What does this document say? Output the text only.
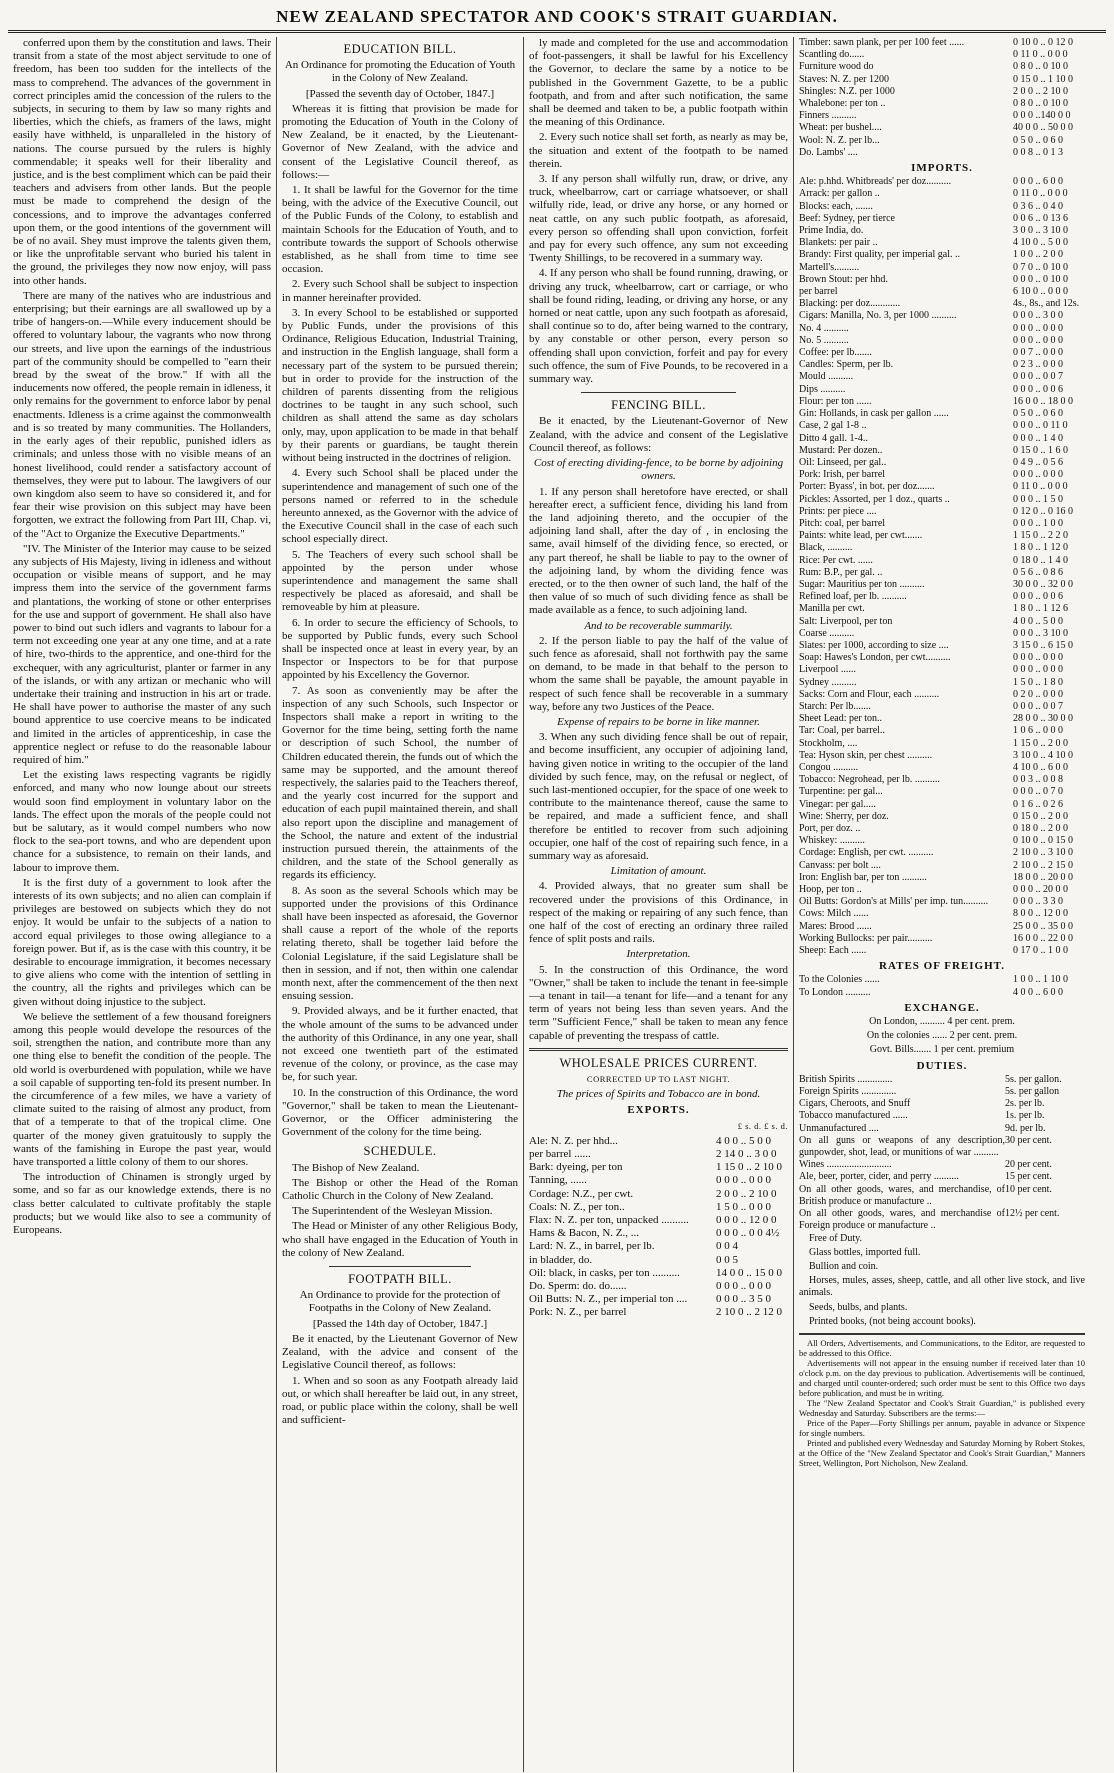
NEW ZEALAND SPECTATOR AND COOK'S STRAIT GUARDIAN.

conferred upon them by the constitution and laws. Their transit from a state of the most abject servitude to one of freedom, has been too sudden for the intellects of the mass to comprehend. The advances of the government in correct principles amid the concession of the rulers to the subjects, in securing to them by law so many rights and liberties, which the chiefs, as framers of the laws, might easily have withheld, is unparalleled in the history of nations. The course pursued by the rulers is highly commendable; it speaks well for their liberality and justice, and is the best compliment which can be paid their teachers and advisers from other lands. But the people must be made to comprehend the design of the concessions, and to improve the advantages conferred upon them, or the good intentions of the government will be of no avail. Shey must improve the talents given them, or like the unprofitable servant who buried his talent in the ground, the privileges they now now enjoy, will pass into other hands.

There are many of the natives who are industrious and enterprising; but their earnings are all swallowed up by a tribe of hangers-on.—While every inducement should be offered to voluntary labour, the vagrants who now throng our streets, and live upon the earnings of the industrious part of the community should be compelled to "earn their bread by the sweat of the brow." If with all the inducements now offered, the people remain in idleness, it only remains for the government to enforce labor by penal enactments. Idleness is a crime against the commonwealth and is so treated by many communities. The Hollanders, in the early ages of their republic, punished idlers as criminals; and unless those with no visible means of an honest livelihood, could render a satisfactory account of themselves, they were put to labour. The lawgivers of our own kingdom also seem to have so considered it, and for fear their wise provision on this subject may have been forgotten, we extract the following from Part III, Chap. vi, of the "Act to Organize the Executive Departments."

"IV. The Minister of the Interior may cause to be seized any subjects of His Majesty, living in idleness and without occupation or visible means of support, and he may impress them into the service of the government farms and plantations, the working of stone or other enterprises for the use and support of government. He shall also have power to bind out such idlers and vagrants to labour for a term not exceeding one year at any one time, and at a rate of hire, two-thirds to the apprentice, and one-third for the exchequer, with any agriculturist, planter or farmer in any of the islands, or with any artizan or mechanic who will undertake their training and instruction in his art or trade. He shall have power to authorise the master of any such bound apprentice to use coercive means to be indicated and limited in the articles of apprenticeship, in case the apprentice neglect or refuse to do the reasonable labour required of him."

Let the existing laws respecting vagrants be rigidly enforced, and many who now lounge about our streets would soon find employment in voluntary labor on the lands. The effect upon the morals of the people could not but be salutary, as it would compel numbers who now flock to the sea-port towns, and who are dependent upon chance for a subsistence, to remain on their lands, and labour to improve them.

It is the first duty of a government to look after the interests of its own subjects; and no alien can complain if privileges are bestowed on subjects which they do not enjoy. It would be unfair to the subjects of a nation to accord equal privileges to those owing allegiance to a foreign power. But if, as is the case with this country, it be desirable to encourage immigration, it becomes necessary to give aliens who come with the intention of settling in the country, all the rights and privileges which can be given without doing injustice to the subject.

We believe the settlement of a few thousand foreigners among this people would develope the resources of the soil, strengthen the nation, and contribute more than any one thing else to benefit the condition of the people. The old world is overburdened with population, while we have a soil capable of supporting ten-fold its present number. In the circumference of a few miles, we have a variety of climate suited to the raising of almost any product, from that of a temperate to that of the tropical clime. One quarter of the money given gratuitously to supply the wants of the famishing in Europe the past year, would have transported a little colony of them to our shores.

The introduction of Chinamen is strongly urged by some, and so far as our knowledge extends, there is no class better calculated to cultivate profitably the staple products; but we would like also to see a community of Europeans.

EDUCATION BILL.

An Ordinance for promoting the Education of Youth in the Colony of New Zealand.

[Passed the seventh day of October, 1847.]

Whereas it is fitting that provision be made for promoting the Education of Youth in the Colony of New Zealand, be it enacted, by the Lieutenant-Governor of New Zealand, with the advice and consent of the Legislative Council thereof, as follows:—

1. It shall be lawful for the Governor for the time being, with the advice of the Executive Council, out of the Public Funds of the Colony, to establish and maintain Schools for the Education of Youth, and to contribute towards the support of Schools otherwise established, as he shall from time to time see occasion.

2. Every such School shall be subject to inspection in manner hereinafter provided.

3. In every School to be established or supported by Public Funds, under the provisions of this Ordinance, Religious Education, Industrial Training, and instruction in the English language, shall form a necessary part of the system to be pursued therein; but in order to provide for the instruction of the children of parents dissenting from the religious doctrines to be taught in any such school, such children as shall attend the same as day scholars only, may, upon application to be made in that behalf by their parents or guardians, be taught therein without being instructed in the doctrines of religion.

4. Every such School shall be placed under the superintendence and management of such one of the persons named or referred to in the schedule hereunto annexed, as the Governor with the advice of the Executive Council shall in the case of each such school especially direct.

5. The Teachers of every such school shall be appointed by the person under whose superintendence and management the same shall respectively be placed as aforesaid, and shall be removeable by him at pleasure.

6. In order to secure the efficiency of Schools, to be supported by Public funds, every such School shall be inspected once at least in every year, by an Inspector or Inspectors to be for that purpose appointed by his Excellency the Governor.

7. As soon as conveniently may be after the inspection of any such Schools, such Inspector or Inspectors shall make a report in writing to the Governor for the time being, setting forth the name or description of such School, the number of Children educated therein, the funds out of which the same may be supported, and the amount thereof respectively, the salaries paid to the Teachers thereof, and the yearly cost incurred for the support and education of each pupil maintained therein, and shall also report upon the discipline and management of the School, the nature and extent of the industrial instruction pursued therein, the attainments of the children, and the state of the School generally as regards its efficiency.

8. As soon as the several Schools which may be supported under the provisions of this Ordinance shall have been inspected as aforesaid, the Governor shall cause a report of the whole of the reports relating thereto, shall be together laid before the Colonial Legislature, if the said Legislature shall be then in session, and if not, then within one calendar month next, after the commencement of the then next ensuing session.

9. Provided always, and be it further enacted, that the whole amount of the sums to be advanced under the authority of this Ordinance, in any one year, shall not exceed one twentieth part of the estimated revenue of the colony, or province, as the case may be, for such year.

10. In the construction of this Ordinance, the word "Governor," shall be taken to mean the Lieutenant-Governor, or the Officer administering the Government of the colony for the time being.

SCHEDULE.

The Bishop of New Zealand.

The Bishop or other the Head of the Roman Catholic Church in the Colony of New Zealand.

The Superintendent of the Wesleyan Mission.

The Head or Minister of any other Religious Body, who shall have engaged in the Education of Youth in the colony of New Zealand.

FOOTPATH BILL.

An Ordinance to provide for the protection of Footpaths in the Colony of New Zealand.

[Passed the 14th day of October, 1847.]

Be it enacted, by the Lieutenant Governor of New Zealand, with the advice and consent of the Legislative Council thereof, as follows:

1. When and so soon as any Footpath already laid out, or which shall hereafter be laid out, in any street, road, or public place within the colony, shall be well and sufficient-

ly made and completed for the use and accommodation of foot-passengers, it shall be lawful for his Excellency the Governor, to declare the same by a notice to be published in the Government Gazette, to be a public footpath, and from and after such notification, the same shall be deemed and taken to be, a public footpath within the meaning of this Ordinance.

2. Every such notice shall set forth, as nearly as may be, the situation and extent of the footpath to be named therein.

3. If any person shall wilfully run, draw, or drive, any truck, wheelbarrow, cart or carriage whatsoever, or shall wilfully ride, lead, or drive any horse, or any horned or neat cattle, on any such public footpath, as aforesaid, every person so offending shall upon conviction, forfeit and pay for every such offence, any sum not exceeding Twenty Shillings, to be recovered in a summary way.

4. If any person who shall be found running, drawing, or driving any truck, wheelbarrow, cart or carriage, or who shall be found riding, leading, or driving any horse, or any horned or neat cattle, upon any such footpath as aforesaid, shall continue so to do, after being warned to the contrary, by any constable or other person, every person so offending shall upon conviction, forfeit and pay for every such offence, the sum of Five Pounds, to be recovered in a summary way.

FENCING BILL.

Be it enacted, by the Lieutenant-Governor of New Zealand, with the advice and consent of the Legislative Council thereof, as follows:

Cost of erecting dividing-fence, to be borne by adjoining owners.

1. If any person shall heretofore have erected, or shall hereafter erect, a sufficient fence, dividing his land from the land adjoining thereto, and the occupier of the adjoining land shall, after the day of , in enclosing the same, avail himself of the dividing fence, so erected, or any part thereof, he shall be liable to pay to the owner of the adjoining land, by whom the dividing fence was erected, or to the then owner of such land, the half of the then value of so much of such dividing fence as shall be made available as a fence, to such adjoining land.

And to be recoverable summarily.

2. If the person liable to pay the half of the value of such fence as aforesaid, shall not forthwith pay the same on demand, to be made in that behalf to the person to whom the same shall be payable, the amount payable in respect of such fence shall be recoverable in a summary way, before any two Justices of the Peace.

Expense of repairs to be borne in like manner.

3. When any such dividing fence shall be out of repair, and become insufficient, any occupier of adjoining land, having given notice in writing to the occupier of the land divided by such fence, may, on the refusal or neglect, of such last-mentioned occupier, for the space of one week to contribute to the maintenance thereof, cause the same to be repaired, and made a sufficient fence, and shall therefore be entitled to recover from such adjoining occupier, one half of the cost of repairing such fence, in a summary way as aforesaid.

Limitation of amount.

4. Provided always, that no greater sum shall be recovered under the provisions of this Ordinance, in respect of the making or repairing of any such fence, than one half of the cost of erecting an ordinary three railed fence of split posts and rails.

Interpretation.

5. In the construction of this Ordinance, the word "Owner," shall be taken to include the tenant in fee-simple—a tenant in tail—a tenant for life—and a tenant for any term of years not being less than seven years. And the term "Sufficient Fence," shall be taken to mean any fence capable of preventing the trespass of cattle.

WHOLESALE PRICES CURRENT.

CORRECTED UP TO LAST NIGHT.

The prices of Spirits and Tobacco are in bond.

EXPORTS.

£ s. d. £ s. d.

Ale: N. Z. per hhd...	4 0 0 .. 5 0 0
per barrel ......	2 14 0 .. 3 0 0
Bark: dyeing, per ton	1 15 0 .. 2 10 0
Tanning, ......	0 0 0 .. 0 0 0
Cordage: N.Z., per cwt.	2 0 0 .. 2 10 0
Coals: N. Z., per ton..	1 5 0 .. 0 0 0
Flax: N. Z. per ton, unpacked ..........	0 0 0 .. 12 0 0
Hams & Bacon, N. Z., ...	0 0 0 .. 0 0 4½
Lard: N. Z., in barrel, per lb.	0 0 4
in bladder, do.	0 0 5
Oil: black, in casks, per ton ..........	14 0 0 .. 15 0 0
Do. Sperm: do. do......	0 0 0 .. 0 0 0
Oil Butts: N. Z., per imperial ton ....	0 0 0 .. 3 5 0
Pork: N. Z., per barrel	2 10 0 .. 2 12 0
Timber: sawn plank, per per 100 feet ......	0 10 0 .. 0 12 0
Scantling do......	0 11 0 .. 0 0 0
Furniture wood do	0 8 0 .. 0 10 0
Staves: N. Z. per 1200	0 15 0 .. 1 10 0
Shingles: N.Z. per 1000	2 0 0 .. 2 10 0
Whalebone: per ton ..	0 8 0 .. 0 10 0
Finners ..........	0 0 0 ..140 0 0
Wheat: per bushel....	40 0 0 .. 50 0 0
Wool: N. Z. per lb...	0 5 0 .. 0 6 0
Do. Lambs' ....	0 0 8 .. 0 1 3
IMPORTS.
Ale: p.hhd. Whitbreads' per doz..........	0 0 0 .. 6 0 0
Arrack: per gallon ..	0 11 0 .. 0 0 0
Blocks: each, .......	0 3 6 .. 0 4 0
Beef: Sydney, per tierce	0 0 6 .. 0 13 6
Prime India, do.	3 0 0 .. 3 10 0
Blankets: per pair ..	4 10 0 .. 5 0 0
Brandy: First quality, per imperial gal. ..	1 0 0 .. 2 0 0
Martell's..........	0 7 0 .. 0 10 0
Brown Stout: per hhd.	0 0 0 .. 0 10 0
per barrel	6 10 0 .. 0 0 0
Blacking: per doz............	4s., 8s., and 12s.
Cigars: Manilla, No. 3, per 1000 ..........	0 0 0 .. 3 0 0
No. 4 ..........	0 0 0 .. 0 0 0
No. 5 ..........	0 0 0 .. 0 0 0
Coffee: per lb.......	0 0 7 .. 0 0 0
Candles: Sperm, per lb.	0 2 3 .. 0 0 0
Mould ..........	0 0 0 .. 0 0 7
Dips ..........	0 0 0 .. 0 0 6
Flour: per ton ......	16 0 0 .. 18 0 0
Gin: Hollands, in cask per gallon ......	0 5 0 .. 0 6 0
Case, 2 gal 1-8 ..	0 0 0 .. 0 11 0
Ditto 4 gall. 1-4..	0 0 0 .. 1 4 0
Mustard: Per dozen..	0 15 0 .. 1 6 0
Oil: Linseed, per gal..	0 4 9 .. 0 5 6
Pork: Irish, per barrel	0 0 0 .. 0 0 0
Porter: Byass', in bot. per doz.......	0 11 0 .. 0 0 0
Pickles: Assorted, per 1 doz., quarts ..	0 0 0 .. 1 5 0
Prints: per piece ....	0 12 0 .. 0 16 0
Pitch: coal, per barrel	0 0 0 .. 1 0 0
Paints: white lead, per cwt.......	1 15 0 .. 2 2 0
Black, ..........	1 8 0 .. 1 12 0
Rice: Per cwt. ......	0 18 0 .. 1 4 0
Rum: B.P., per gal. ..	0 5 6 .. 0 8 6
Sugar: Mauritius per ton ..........	30 0 0 .. 32 0 0
Refined loaf, per lb. ..........	0 0 0 .. 0 0 6
Manilla per cwt.	1 8 0 .. 1 12 6
Salt: Liverpool, per ton	4 0 0 .. 5 0 0
Coarse ..........	0 0 0 .. 3 10 0
Slates: per 1000, according to size ....	3 15 0 .. 6 15 0
Soap: Hawes's London, per cwt..........	0 0 0 .. 0 0 0
Liverpool ......	0 0 0 .. 0 0 0
Sydney ..........	1 5 0 .. 1 8 0
Sacks: Corn and Flour, each ..........	0 2 0 .. 0 0 0
Starch: Per lb.......	0 0 0 .. 0 0 7
Sheet Lead: per ton..	28 0 0 .. 30 0 0
Tar: Coal, per barrel..	1 0 6 .. 0 0 0
Stockholm, ....	1 15 0 .. 2 0 0
Tea: Hyson skin, per chest ..........	3 10 0 .. 4 10 0
Congou ..........	4 10 0 .. 6 0 0
Tobacco: Negrohead, per lb. ..........	0 0 3 .. 0 0 8
Turpentine: per gal...	0 0 0 .. 0 7 0
Vinegar: per gal.....	0 1 6 .. 0 2 6
Wine: Sherry, per doz.	0 15 0 .. 2 0 0
Port, per doz. ..	0 18 0 .. 2 0 0
Whiskey: ..........	0 10 0 .. 0 15 0
Cordage: English, per cwt. ..........	2 10 0 .. 3 10 0
Canvass: per bolt ....	2 10 0 .. 2 15 0
Iron: English bar, per ton ..........	18 0 0 .. 20 0 0
Hoop, per ton ..	0 0 0 .. 20 0 0
Oil Butts: Gordon's at Mills' per imp. tun..........	0 0 0 .. 3 3 0
Cows: Milch ......	8 0 0 .. 12 0 0
Mares: Brood ......	25 0 0 .. 35 0 0
Working Bullocks: per pair..........	16 0 0 .. 22 0 0
Sheep: Each ......	0 17 0 .. 1 0 0
RATES OF FREIGHT.
To the Colonies ......	1 0 0 .. 1 10 0
To London ..........	4 0 0 .. 6 0 0
EXCHANGE.

On London, .......... 4 per cent. prem.

On the colonies ...... 2 per cent. prem.

Govt. Bills....... 1 per cent. premium

DUTIES.
British Spirits ..............	5s. per gallon.
Foreign Spirits ..............	5s. per gallon
Cigars, Cheroots, and Snuff	2s. per lb.
Tobacco manufactured ......	1s. per lb.
Unmanufactured ....	9d. per lb.
On all guns or weapons of any description, gunpowder, shot, lead, or munitions of war ..........	30 per cent.
Wines ..........................	20 per cent.
Ale, beer, porter, cider, and perry ..........	15 per cent.
On all other goods, wares, and merchandise, of British produce or manufacture ..	10 per cent.
On all other goods, wares, and merchandise of Foreign produce or manufacture ..	12½ per cent.

Free of Duty.

Glass bottles, imported full.

Bullion and coin.

Horses, mules, asses, sheep, cattle, and all other live stock, and live animals.

Seeds, bulbs, and plants.

Printed books, (not being account books).

All Orders, Advertisements, and Communications, to the Editor, are requested to be addressed to this Office.

Advertisements will not appear in the ensuing number if received later than 10 o'clock p.m. on the day previous to publication. Advertisements will be continued, and charged until counter-ordered; such order must be sent to this Office two days before publication, and must be in writing.

The "New Zealand Spectator and Cook's Strait Guardian," is published every Wednesday and Saturday. Subscribers are the terms:—

Price of the Paper—Forty Shillings per annum, payable in advance or Sixpence for single numbers.

Printed and published every Wednesday and Saturday Morning by Robert Stokes, at the Office of the "New Zealand Spectator and Cook's Strait Guardian," Manners Street, Wellington, Port Nicholson, New Zealand.
